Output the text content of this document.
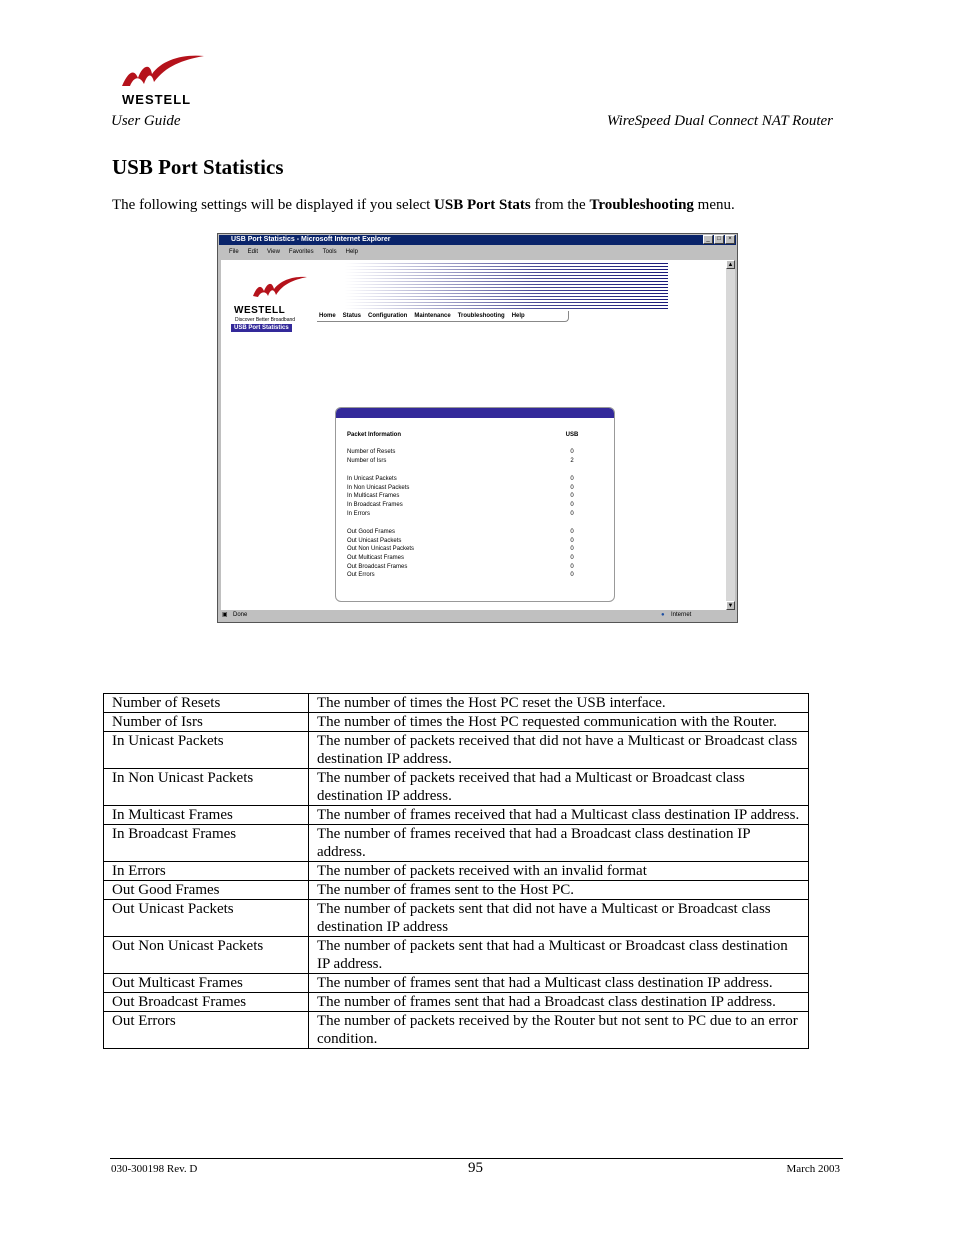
WESTELL
User Guide	WireSpeed Dual Connect NAT Router
USB Port Statistics
The following settings will be displayed if you select USB Port Stats from the Troubleshooting menu.
USB Port Statistics - Microsoft Internet Explorer	_	□	×
File Edit View Favorites Tools Help
WESTELL
Discover Better Broadband
Home Status Configuration Maintenance Troubleshooting Help
USB Port Statistics
Packet Information	USB
Number of Resets	0
Number of Isrs	2
In Unicast Packets	0
In Non Unicast Packets	0
In Multicast Frames	0
In Broadcast Frames	0
In Errors	0
Out Good Frames	0
Out Unicast Packets	0
Out Non Unicast Packets	0
Out Multicast Frames	0
Out Broadcast Frames	0
Out Errors	0
▲
▼
▣ Done	● Internet
Number of Resets	The number of times the Host PC reset the USB interface.
Number of Isrs	The number of times the Host PC requested communication with the Router.
In Unicast Packets	The number of packets received that did not have a Multicast or Broadcast class destination IP address.
In Non Unicast Packets	The number of packets received that had a Multicast or Broadcast class destination IP address.
In Multicast Frames	The number of frames received that had a Multicast class destination IP address.
In Broadcast Frames	The number of frames received that had a Broadcast class destination IP address.
In Errors	The number of packets received with an invalid format
Out Good Frames	The number of frames sent to the Host PC.
Out Unicast Packets	The number of packets sent that did not have a Multicast or Broadcast class destination IP address
Out Non Unicast Packets	The number of packets sent that had a Multicast or Broadcast class destination IP address.
Out Multicast Frames	The number of frames sent that had a Multicast class destination IP address.
Out Broadcast Frames	The number of frames sent that had a Broadcast class destination IP address.
Out Errors	The number of packets received by the Router but not sent to PC due to an error condition.
030-300198 Rev. D	95	March 2003
